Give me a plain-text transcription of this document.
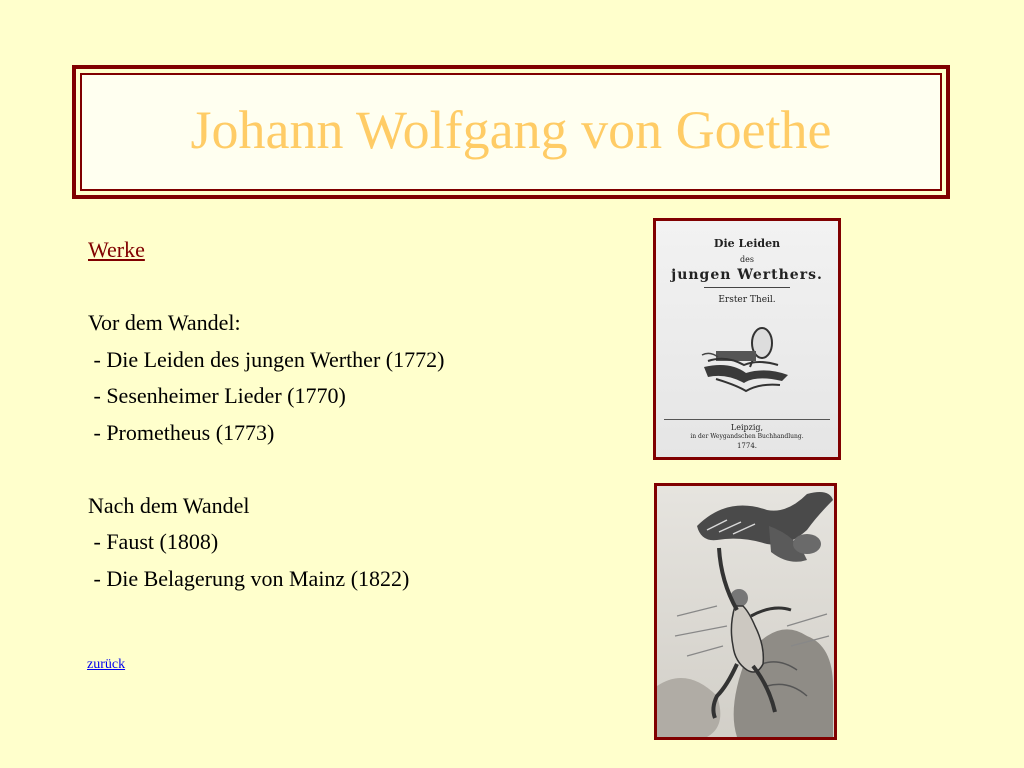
Johann Wolfgang von Goethe
Werke
Vor dem Wandel:
- Die Leiden des jungen Werther (1772)
- Sesenheimer Lieder (1770)
- Prometheus (1773)
Nach dem Wandel
- Faust (1808)
- Die Belagerung von Mainz (1822)
zurück
Die Leiden
des
jungen Werthers.
Erster Theil.
Leipzig,
in der Weygandschen Buchhandlung.
1774.
